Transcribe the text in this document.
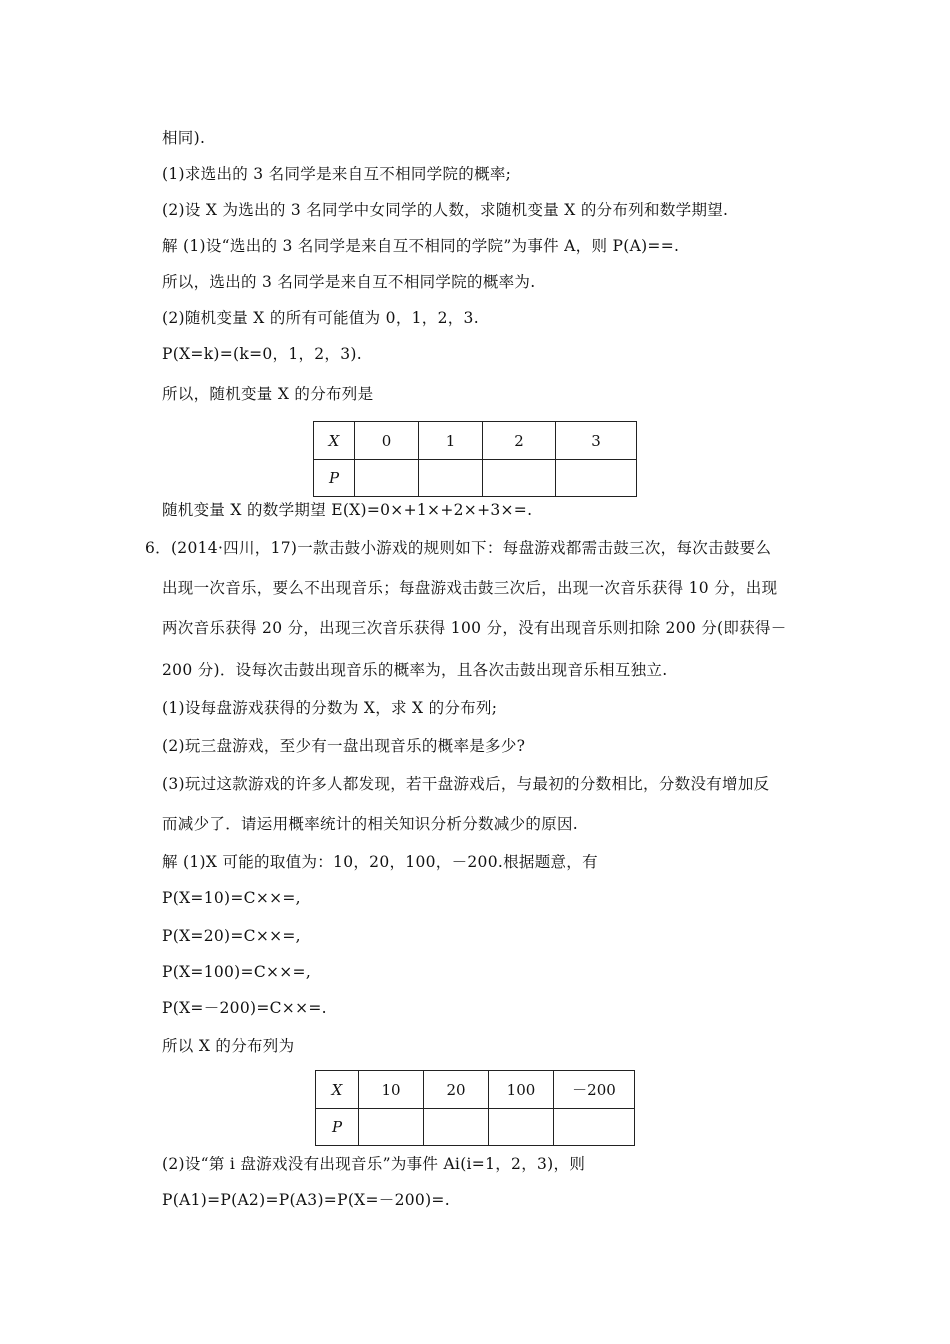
相同).
(1)求选出的 3 名同学是来自互不相同学院的概率;
(2)设 X 为选出的 3 名同学中女同学的人数，求随机变量 X 的分布列和数学期望.
解 (1)设“选出的 3 名同学是来自互不相同的学院”为事件 A，则 P(A)==.
所以，选出的 3 名同学是来自互不相同学院的概率为.
(2)随机变量 X 的所有可能值为 0，1，2，3.
P(X=k)=(k=0，1，2，3).
所以，随机变量 X 的分布列是
X	0	1	2	3
P				
随机变量 X 的数学期望 E(X)=0×+1×+2×+3×=.
6．(2014·四川，17)一款击鼓小游戏的规则如下：每盘游戏都需击鼓三次，每次击鼓要么
出现一次音乐，要么不出现音乐；每盘游戏击鼓三次后，出现一次音乐获得 10 分，出现
两次音乐获得 20 分，出现三次音乐获得 100 分，没有出现音乐则扣除 200 分(即获得－
200 分)．设每次击鼓出现音乐的概率为，且各次击鼓出现音乐相互独立.
(1)设每盘游戏获得的分数为 X，求 X 的分布列;
(2)玩三盘游戏，至少有一盘出现音乐的概率是多少?
(3)玩过这款游戏的许多人都发现，若干盘游戏后，与最初的分数相比，分数没有增加反
而减少了．请运用概率统计的相关知识分析分数减少的原因.
解 (1)X 可能的取值为：10，20，100，－200.根据题意，有
P(X=10)=C××=,
P(X=20)=C××=,
P(X=100)=C××=,
P(X=－200)=C××=.
所以 X 的分布列为
X	10	20	100	－200
P				
(2)设“第 i 盘游戏没有出现音乐”为事件 Ai(i=1，2，3)，则
P(A1)=P(A2)=P(A3)=P(X=－200)=.
